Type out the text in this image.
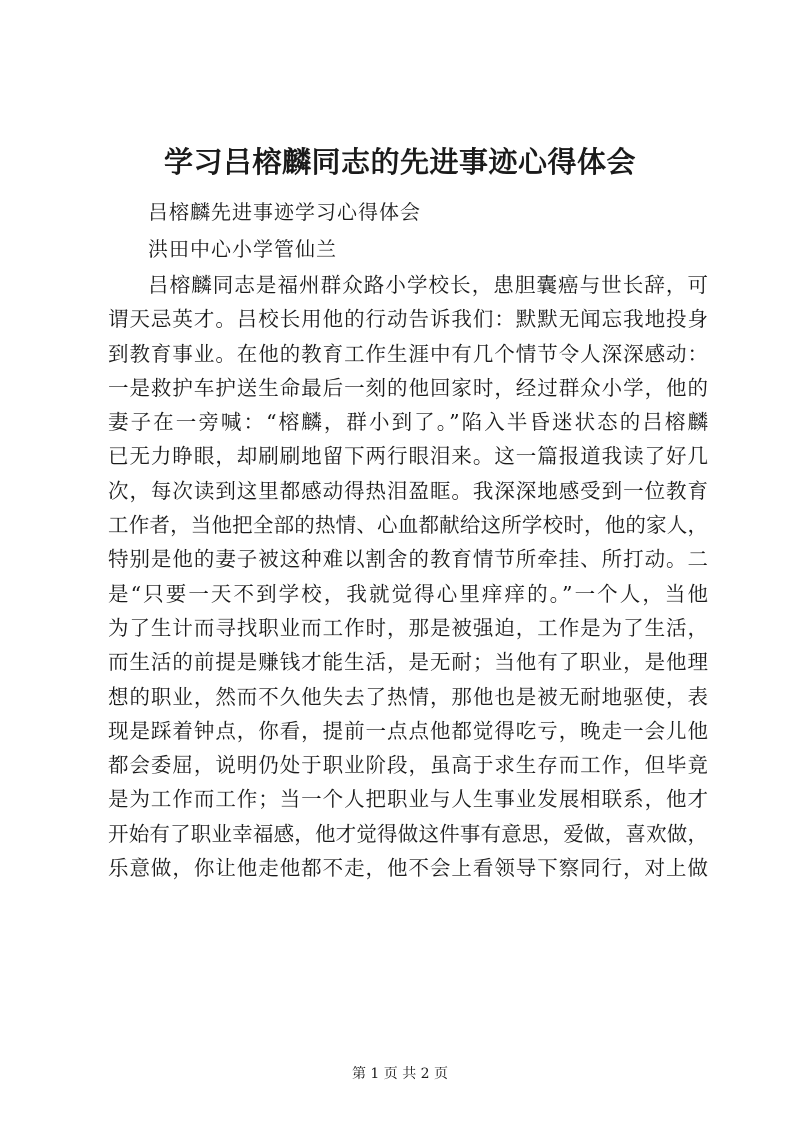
学习吕榕麟同志的先进事迹心得体会
吕榕麟先进事迹学习心得体会
洪田中心小学管仙兰
吕榕麟同志是福州群众路小学校长，患胆囊癌与世长辞，可
谓天忌英才。吕校长用他的行动告诉我们：默默无闻忘我地投身
到教育事业。在他的教育工作生涯中有几个情节令人深深感动：
一是救护车护送生命最后一刻的他回家时，经过群众小学，他的
妻子在一旁喊：“榕麟，群小到了。”陷入半昏迷状态的吕榕麟
已无力睁眼，却刷刷地留下两行眼泪来。这一篇报道我读了好几
次，每次读到这里都感动得热泪盈眶。我深深地感受到一位教育
工作者，当他把全部的热情、心血都献给这所学校时，他的家人，
特别是他的妻子被这种难以割舍的教育情节所牵挂、所打动。二
是“只要一天不到学校，我就觉得心里痒痒的。”一个人，当他
为了生计而寻找职业而工作时，那是被强迫，工作是为了生活，
而生活的前提是赚钱才能生活，是无耐；当他有了职业，是他理
想的职业，然而不久他失去了热情，那他也是被无耐地驱使，表
现是踩着钟点，你看，提前一点点他都觉得吃亏，晚走一会儿他
都会委屈，说明仍处于职业阶段，虽高于求生存而工作，但毕竟
是为工作而工作；当一个人把职业与人生事业发展相联系，他才
开始有了职业幸福感，他才觉得做这件事有意思，爱做，喜欢做，
乐意做，你让他走他都不走，他不会上看领导下察同行，对上做
第 1 页 共 2 页
